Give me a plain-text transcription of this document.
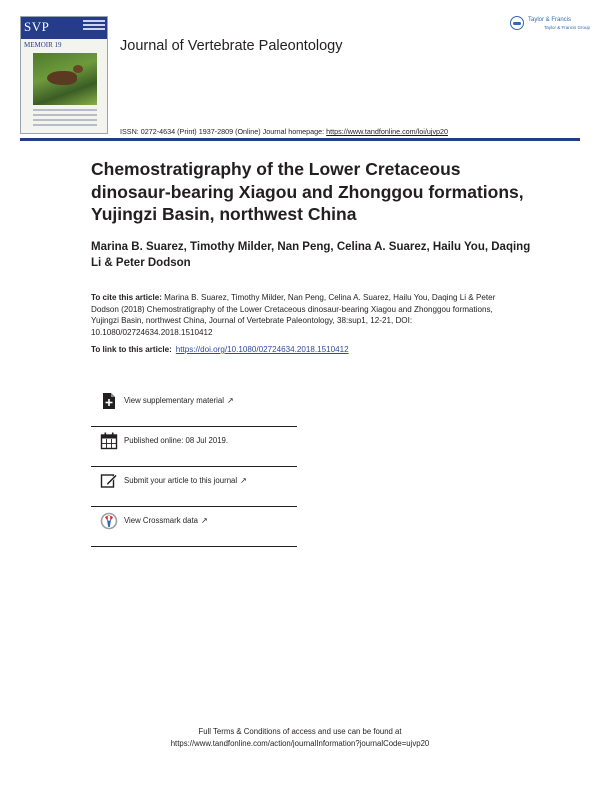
SVP
MEMOIR 19	Journal of Vertebrate Paleontology
Taylor & Francis
Taylor & Francis Group
ISSN: 0272-4634 (Print) 1937-2809 (Online) Journal homepage: https://www.tandfonline.com/loi/ujvp20
Chemostratigraphy of the Lower Cretaceous dinosaur-bearing Xiagou and Zhonggou formations, Yujingzi Basin, northwest China
Marina B. Suarez, Timothy Milder, Nan Peng, Celina A. Suarez, Hailu You, Daqing Li & Peter Dodson
To cite this article: Marina B. Suarez, Timothy Milder, Nan Peng, Celina A. Suarez, Hailu You, Daqing Li & Peter Dodson (2018) Chemostratigraphy of the Lower Cretaceous dinosaur-bearing Xiagou and Zhonggou formations, Yujingzi Basin, northwest China, Journal of Vertebrate Paleontology, 38:sup1, 12-21, DOI: 10.1080/02724634.2018.1510412
To link to this article: https://doi.org/10.1080/02724634.2018.1510412
View supplementary material ↗
Published online: 08 Jul 2019.
Submit your article to this journal ↗
View Crossmark data ↗
Full Terms & Conditions of access and use can be found at
https://www.tandfonline.com/action/journalInformation?journalCode=ujvp20
